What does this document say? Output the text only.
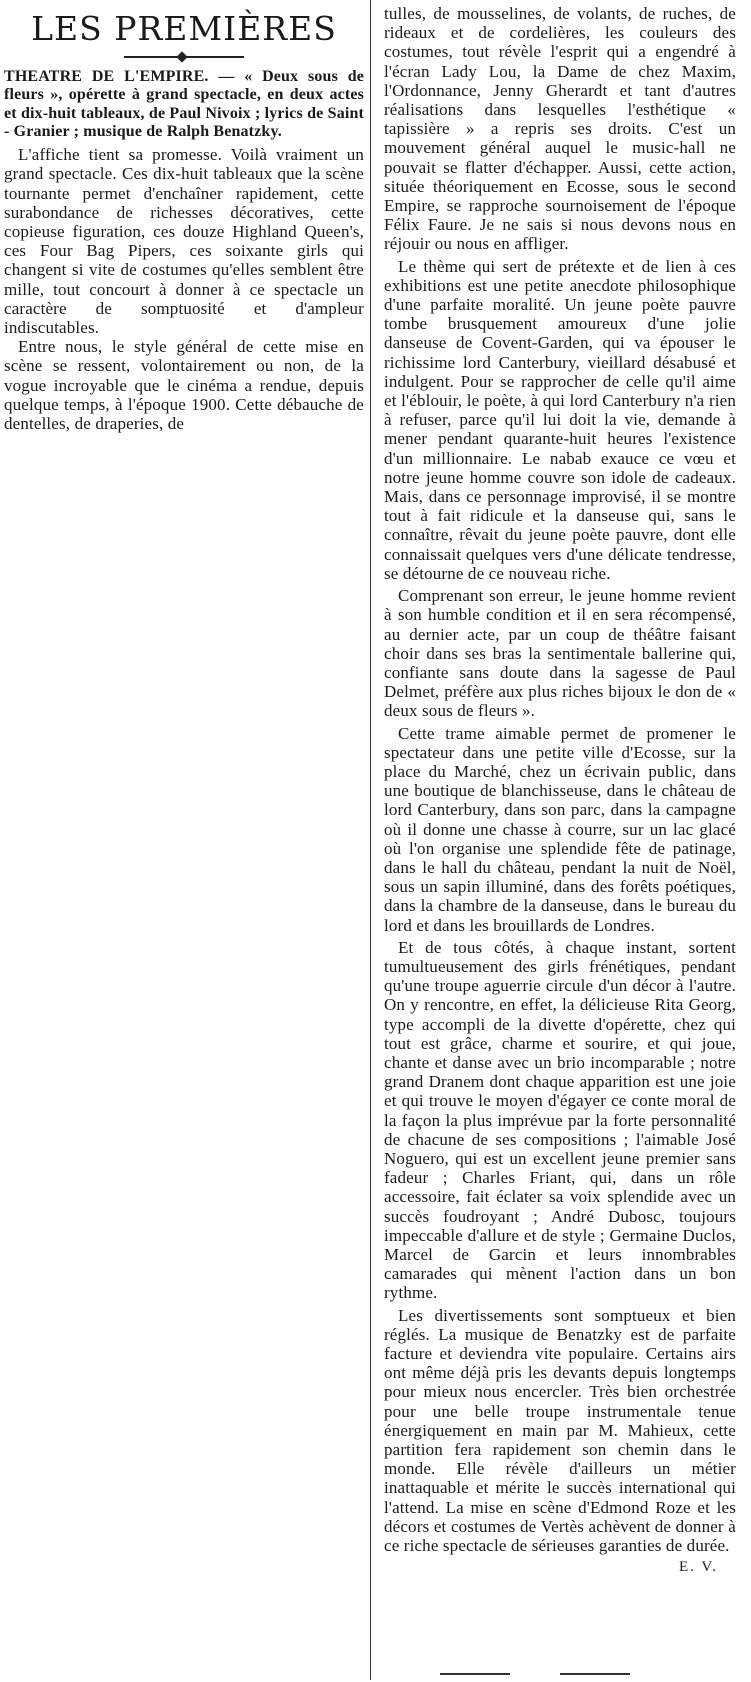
LES PREMIÈRES

THEATRE DE L'EMPIRE. — « Deux sous de fleurs », opérette à grand spectacle, en deux actes et dix-huit tableaux, de Paul Nivoix ; lyrics de Saint - Granier ; musique de Ralph Benatzky.

L'affiche tient sa promesse. Voilà vraiment un grand spectacle. Ces dix-huit tableaux que la scène tournante permet d'enchaîner rapidement, cette surabondance de richesses décoratives, cette copieuse figuration, ces douze Highland Queen's, ces Four Bag Pipers, ces soixante girls qui changent si vite de costumes qu'elles semblent être mille, tout concourt à donner à ce spectacle un caractère de somptuosité et d'ampleur indiscutables.

Entre nous, le style général de cette mise en scène se ressent, volontairement ou non, de la vogue incroyable que le cinéma a rendue, depuis quelque temps, à l'époque 1900. Cette débauche de dentelles, de draperies, de

tulles, de mousselines, de volants, de ruches, de rideaux et de cordelières, les couleurs des costumes, tout révèle l'esprit qui a engendré à l'écran Lady Lou, la Dame de chez Maxim, l'Ordonnance, Jenny Gherardt et tant d'autres réalisations dans lesquelles l'esthétique « tapissière » a repris ses droits. C'est un mouvement général auquel le music-hall ne pouvait se flatter d'échapper. Aussi, cette action, située théoriquement en Ecosse, sous le second Empire, se rapproche sournoisement de l'époque Félix Faure. Je ne sais si nous devons nous en réjouir ou nous en affliger.

Le thème qui sert de prétexte et de lien à ces exhibitions est une petite anecdote philosophique d'une parfaite moralité. Un jeune poète pauvre tombe brusquement amoureux d'une jolie danseuse de Covent-Garden, qui va épouser le richissime lord Canterbury, vieillard désabusé et indulgent. Pour se rapprocher de celle qu'il aime et l'éblouir, le poète, à qui lord Canterbury n'a rien à refuser, parce qu'il lui doit la vie, demande à mener pendant quarante-huit heures l'existence d'un millionnaire. Le nabab exauce ce vœu et notre jeune homme couvre son idole de cadeaux. Mais, dans ce personnage improvisé, il se montre tout à fait ridicule et la danseuse qui, sans le connaître, rêvait du jeune poète pauvre, dont elle connaissait quelques vers d'une délicate tendresse, se détourne de ce nouveau riche.

Comprenant son erreur, le jeune homme revient à son humble condition et il en sera récompensé, au dernier acte, par un coup de théâtre faisant choir dans ses bras la sentimentale ballerine qui, confiante sans doute dans la sagesse de Paul Delmet, préfère aux plus riches bijoux le don de « deux sous de fleurs ».

Cette trame aimable permet de promener le spectateur dans une petite ville d'Ecosse, sur la place du Marché, chez un écrivain public, dans une boutique de blanchisseuse, dans le château de lord Canterbury, dans son parc, dans la campagne où il donne une chasse à courre, sur un lac glacé où l'on organise une splendide fête de patinage, dans le hall du château, pendant la nuit de Noël, sous un sapin illuminé, dans des forêts poétiques, dans la chambre de la danseuse, dans le bureau du lord et dans les brouillards de Londres.

Et de tous côtés, à chaque instant, sortent tumultueusement des girls frénétiques, pendant qu'une troupe aguerrie circule d'un décor à l'autre. On y rencontre, en effet, la délicieuse Rita Georg, type accompli de la divette d'opérette, chez qui tout est grâce, charme et sourire, et qui joue, chante et danse avec un brio incomparable ; notre grand Dranem dont chaque apparition est une joie et qui trouve le moyen d'égayer ce conte moral de la façon la plus imprévue par la forte personnalité de chacune de ses compositions ; l'aimable José Noguero, qui est un excellent jeune premier sans fadeur ; Charles Friant, qui, dans un rôle accessoire, fait éclater sa voix splendide avec un succès foudroyant ; André Dubosc, toujours impeccable d'allure et de style ; Germaine Duclos, Marcel de Garcin et leurs innombrables camarades qui mènent l'action dans un bon rythme.

Les divertissements sont somptueux et bien réglés. La musique de Benatzky est de parfaite facture et deviendra vite populaire. Certains airs ont même déjà pris les devants depuis longtemps pour mieux nous encercler. Très bien orchestrée pour une belle troupe instrumentale tenue énergiquement en main par M. Mahieux, cette partition fera rapidement son chemin dans le monde. Elle révèle d'ailleurs un métier inattaquable et mérite le succès international qui l'attend. La mise en scène d'Edmond Roze et les décors et costumes de Vertès achèvent de donner à ce riche spectacle de sérieuses garanties de durée.

E. V.
